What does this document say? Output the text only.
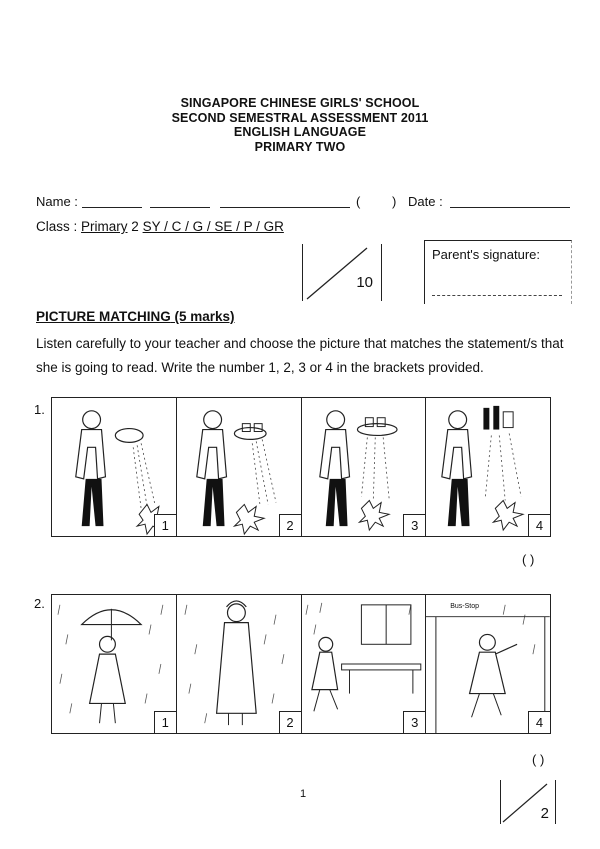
SINGAPORE CHINESE GIRLS' SCHOOL
SECOND SEMESTRAL ASSESSMENT 2011
ENGLISH LANGUAGE
PRIMARY TWO
Name :	( ) Date :
Class : Primary 2 SY / C / G / SE / P / GR
10
Parent's signature:
PICTURE MATCHING (5 marks)
Listen carefully to your teacher and choose the picture that matches the statement/s that she is going to read. Write the number 1, 2, 3 or 4 in the brackets provided.
1.
1	2	3	4
( )
2.
1	2	3
Bus-Stop
4
( )
1
2
